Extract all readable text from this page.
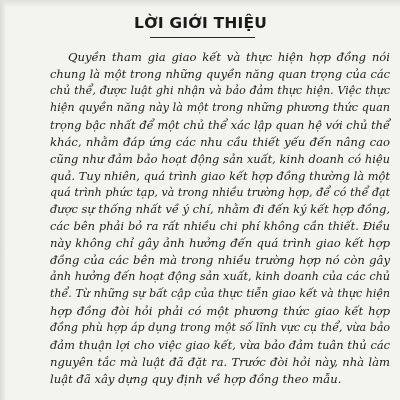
LỜI GIỚI THIỆU
Quyền tham gia giao kết và thực hiện hợp đồng nói
chung là một trong những quyền năng quan trọng của các
chủ thể, được luật ghi nhận và bảo đảm thực hiện. Việc thực
hiện quyền năng này là một trong những phương thức quan
trọng bậc nhất để một chủ thể xác lập quan hệ với chủ thể
khác, nhằm đáp ứng các nhu cầu thiết yếu đến nâng cao
cũng như đảm bảo hoạt động sản xuất, kinh doanh có hiệu
quả. Tuy nhiên, quá trình giao kết hợp đồng thường là một
quá trình phức tạp, và trong nhiều trường hợp, để có thể đạt
được sự thống nhất về ý chí, nhằm đi đến ký kết hợp đồng,
các bên phải bỏ ra rất nhiều chi phí không cần thiết. Điều
này không chỉ gây ảnh hưởng đến quá trình giao kết hợp
đồng của các bên mà trong nhiều trường hợp nó còn gây
ảnh hưởng đến hoạt động sản xuất, kinh doanh của các chủ
thể. Từ những sự bất cập của thực tiễn giao kết và thực hiện
hợp đồng đòi hỏi phải có một phương thức giao kết hợp
đồng phù hợp áp dụng trong một số lĩnh vực cụ thể, vừa bảo
đảm thuận lợi cho việc giao kết, vừa bảo đảm tuân thủ các
nguyên tắc mà luật đã đặt ra. Trước đòi hỏi này, nhà làm
luật đã xây dựng quy định về hợp đồng theo mẫu.
